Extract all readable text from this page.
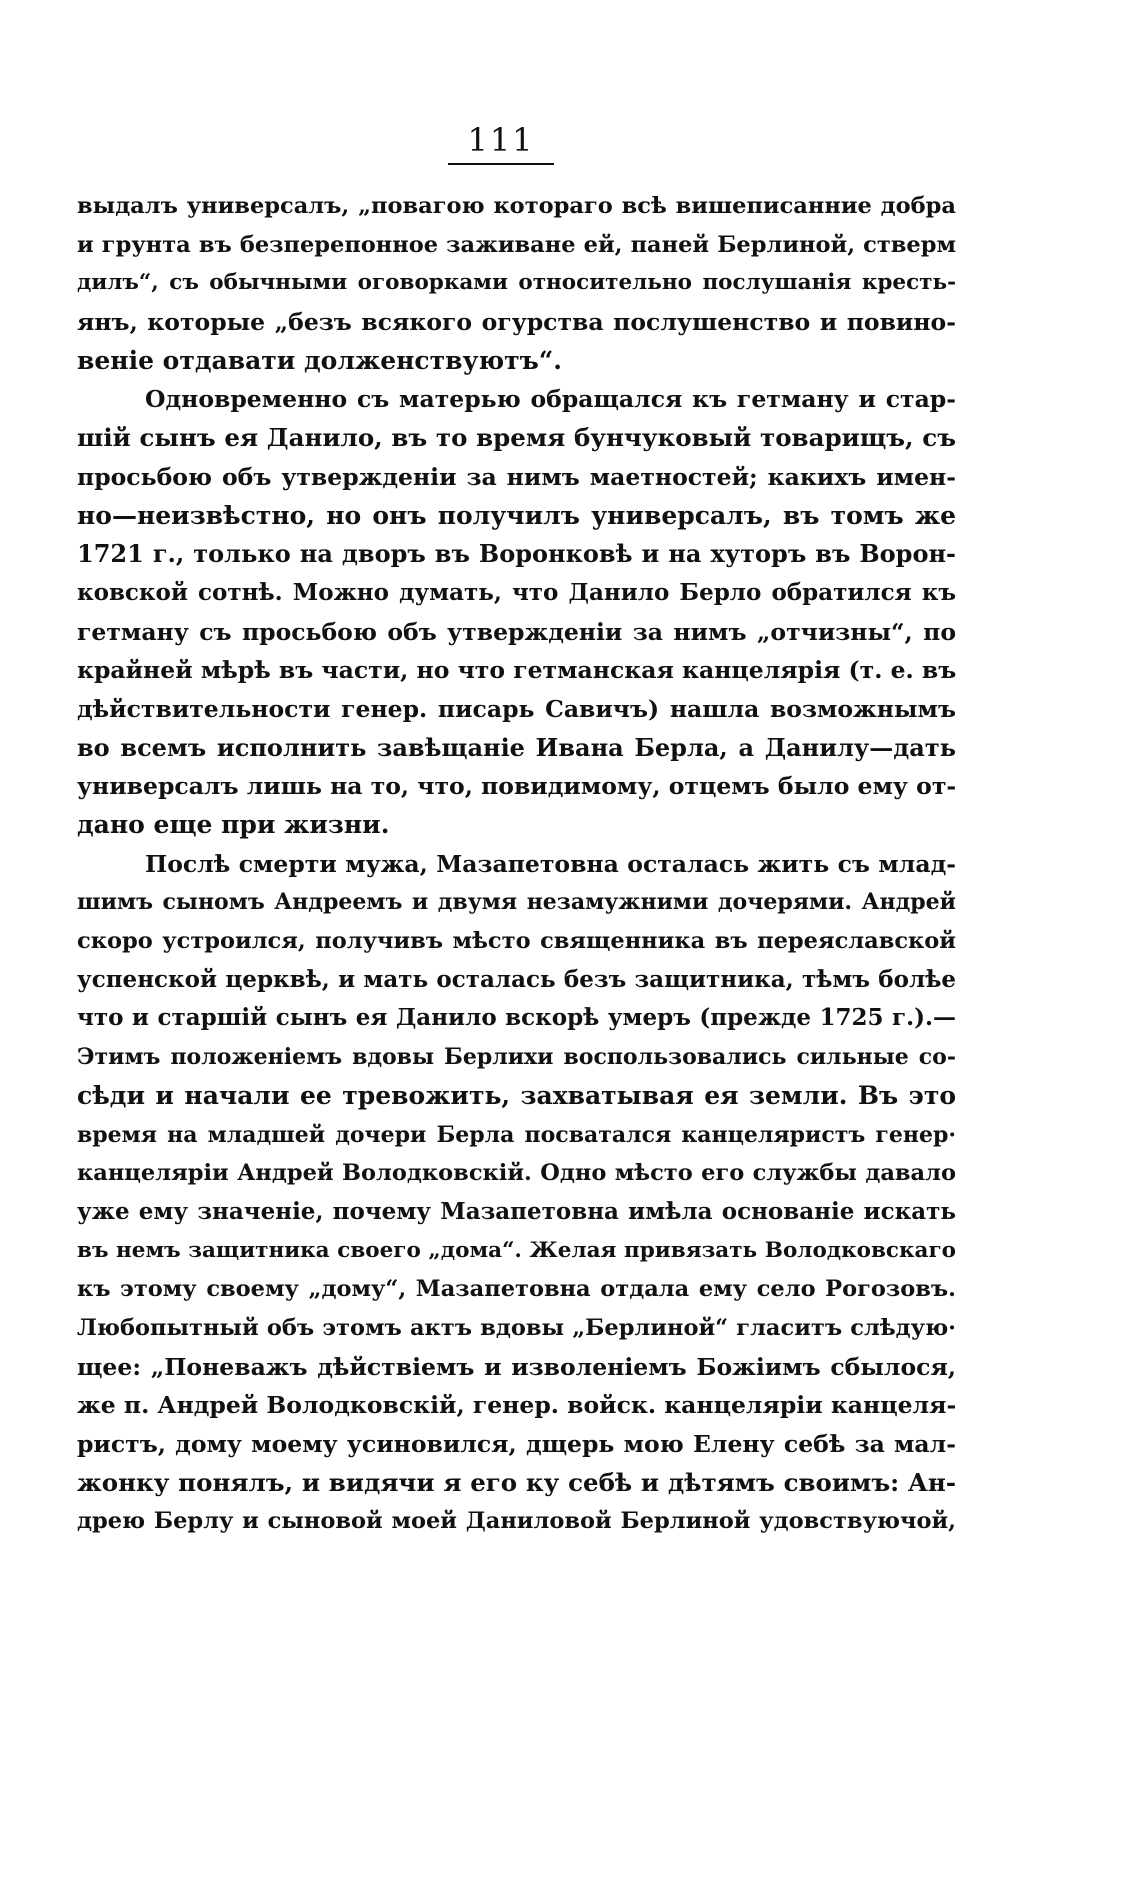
111
выдалъ универсалъ, „повагою котораго всѣ вишеписанние добра
и грунта въ безперепонное заживане ей, паней Берлиной, стверм
дилъ“, съ обычными оговорками относительно послушанія кресть-
янъ, которые „безъ всякого огурства послушенство и повино-
веніе отдавати долженствуютъ“.
Одновременно съ матерью обращался къ гетману и стар-
шій сынъ ея Данило, въ то время бунчуковый товарищъ, съ
просьбою объ утвержденіи за нимъ маетностей; какихъ имен-
но—неизвѣстно, но онъ получилъ универсалъ, въ томъ же
1721 г., только на дворъ въ Воронковѣ и на хуторъ въ Ворон-
ковской сотнѣ. Можно думать, что Данило Берло обратился къ
гетману съ просьбою объ утвержденіи за нимъ „отчизны“, по
крайней мѣрѣ въ части, но что гетманская канцелярія (т. е. въ
дѣйствительности генер. писарь Савичъ) нашла возможнымъ
во всемъ исполнить завѣщаніе Ивана Берла, а Данилу—дать
универсалъ лишь на то, что, повидимому, отцемъ было ему от-
дано еще при жизни.
Послѣ смерти мужа, Мазапетовна осталась жить съ млад-
шимъ сыномъ Андреемъ и двумя незамужними дочерями. Андрей
скоро устроился, получивъ мѣсто священника въ переяславской
успенской церквѣ, и мать осталась безъ защитника, тѣмъ болѣе
что и старшій сынъ ея Данило вскорѣ умеръ (прежде 1725 г.).—
Этимъ положеніемъ вдовы Берлихи воспользовались сильные со-
сѣди и начали ее тревожить, захватывая ея земли. Въ это
время на младшей дочери Берла посватался канцеляристъ генер·
канцеляріи Андрей Володковскій. Одно мѣсто его службы давало
уже ему значеніе, почему Мазапетовна имѣла основаніе искать
въ немъ защитника своего „дома“. Желая привязать Володковскаго
къ этому своему „дому“, Мазапетовна отдала ему село Рогозовъ.
Любопытный объ этомъ актъ вдовы „Берлиной“ гласитъ слѣдую·
щее: „Поневажъ дѣйствіемъ и изволеніемъ Божіимъ сбылося,
же п. Андрей Володковскій, генер. войск. канцеляріи канцеля-
ристъ, дому моему усиновился, дщерь мою Елену себѣ за мал-
жонку понялъ, и видячи я его ку себѣ и дѣтямъ своимъ: Ан-
дрею Берлу и сыновой моей Даниловой Берлиной удовствуючой,
